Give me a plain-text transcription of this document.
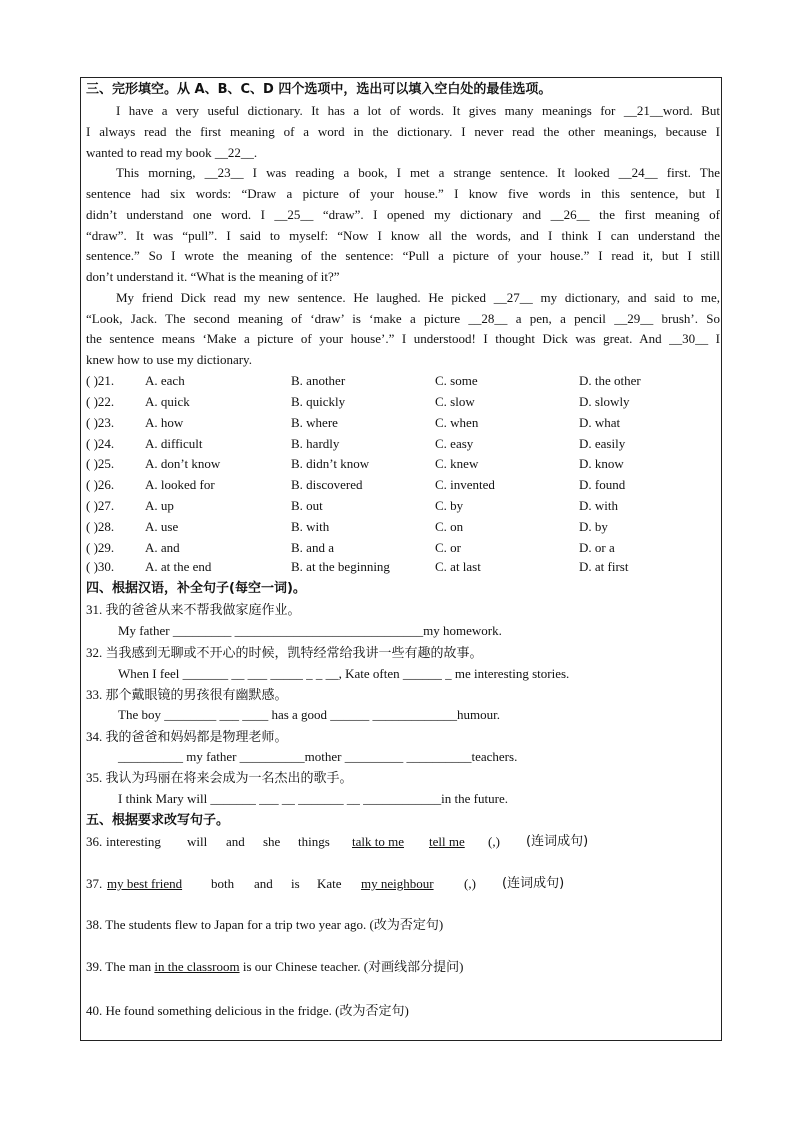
三、完形填空。从 A、B、C、D 四个选项中，选出可以填入空白处的最佳选项。
I have a very useful dictionary. It has a lot of words. It gives many meanings for __21__word. But
I always read the first meaning of a word in the dictionary. I never read the other meanings, because I
wanted to read my book __22__.
This morning, __23__ I was reading a book, I met a strange sentence. It looked __24__ first. The
sentence had six words: “Draw a picture of your house.” I know five words in this sentence, but I
didn’t understand one word. I __25__ “draw”. I opened my dictionary and __26__ the first meaning of
“draw”. It was “pull”. I said to myself: “Now I know all the words, and I think I can understand the
sentence.” So I wrote the meaning of the sentence: “Pull a picture of your house.” I read it, but I still
don’t understand it. “What is the meaning of it?”
My friend Dick read my new sentence. He laughed. He picked __27__ my dictionary, and said to me,
“Look, Jack. The second meaning of ‘draw’ is ‘make a picture __28__ a pen, a pencil __29__ brush’. So
the sentence means ‘Make a picture of your house’.” I understood! I thought Dick was great. And __30__ I
knew how to use my dictionary.
( )21. A. each	B. another	C. some	D. the other
( )22. A. quick	B. quickly	C. slow	D. slowly
( )23. A. how	B. where	C. when	D. what
( )24. A. difficult	B. hardly	C. easy	D. easily
( )25. A. don’t know	B. didn’t know	C. knew	D. know
( )26. A. looked for	B. discovered	C. invented	D. found
( )27. A. up	B. out	C. by	D. with
( )28. A. use	B. with	C. on	D. by
( )29. A. and	B. and a	C. or	D. or a
( )30. A. at the end	B. at the beginning	C. at last	D. at first
四、根据汉语，补全句子(每空一词)。
31. 我的爸爸从来不帮我做家庭作业。
My father _________ _____________________________my homework.
32. 当我感到无聊或不开心的时候，凯特经常给我讲一些有趣的故事。
When I feel _______ __ ___ _____ _ _ __, Kate often ______ _ me interesting stories.
33. 那个戴眼镜的男孩很有幽默感。
The boy ________ ___ ____ has a good ______ _____________humour.
34. 我的爸爸和妈妈都是物理老师。
__________ my father __________mother _________ __________teachers.
35. 我认为玛丽在将来会成为一名杰出的歌手。
I think Mary will _______ ___ __ _______ __ ____________in the future.
五、根据要求改写句子。
36. interesting will and she things talk to me tell me (,) (连词成句)
37. my best friend both and is Kate my neighbour (,) (连词成句)
38. The students flew to Japan for a trip two year ago. (改为否定句)
39. The man in the classroom is our Chinese teacher. (对画线部分提问)
40. He found something delicious in the fridge. (改为否定句)
